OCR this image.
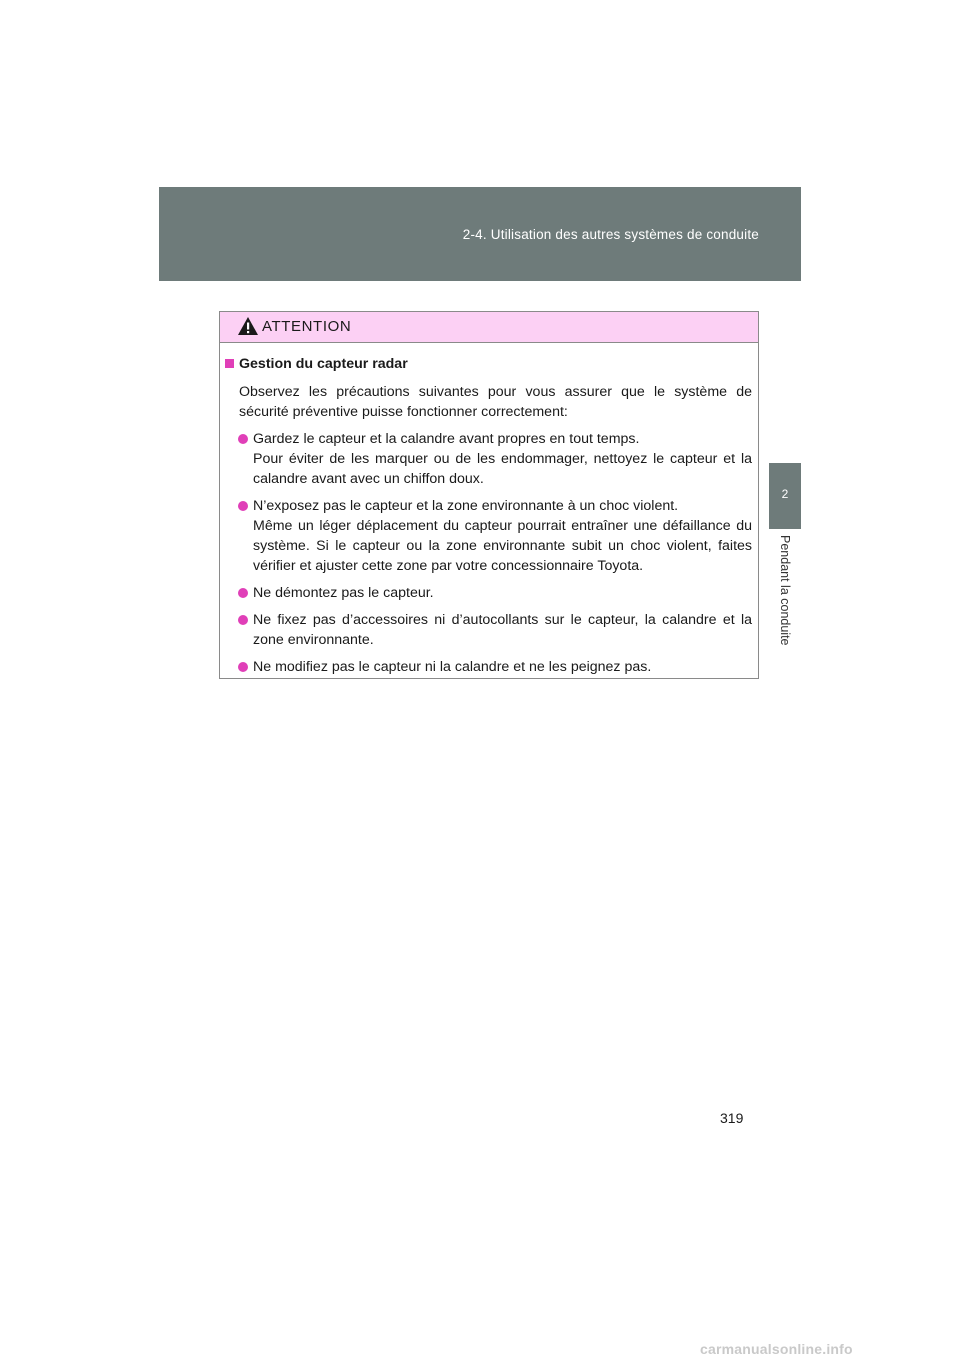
2-4. Utilisation des autres systèmes de conduite
2
Pendant la conduite
ATTENTION
Gestion du capteur radar
Observez les précautions suivantes pour vous assurer que le système de sécurité préventive puisse fonctionner correctement:
Gardez le capteur et la calandre avant propres en tout temps.
Pour éviter de les marquer ou de les endommager, nettoyez le capteur et la calandre avant avec un chiffon doux.
N’exposez pas le capteur et la zone environnante à un choc violent.
Même un léger déplacement du capteur pourrait entraîner une défaillance du système. Si le capteur ou la zone environnante subit un choc violent, faites vérifier et ajuster cette zone par votre concessionnaire Toyota.
Ne démontez pas le capteur.
Ne fixez pas d’accessoires ni d’autocollants sur le capteur, la calandre et la zone environnante.
Ne modifiez pas le capteur ni la calandre et ne les peignez pas.
319
carmanualsonline.info
